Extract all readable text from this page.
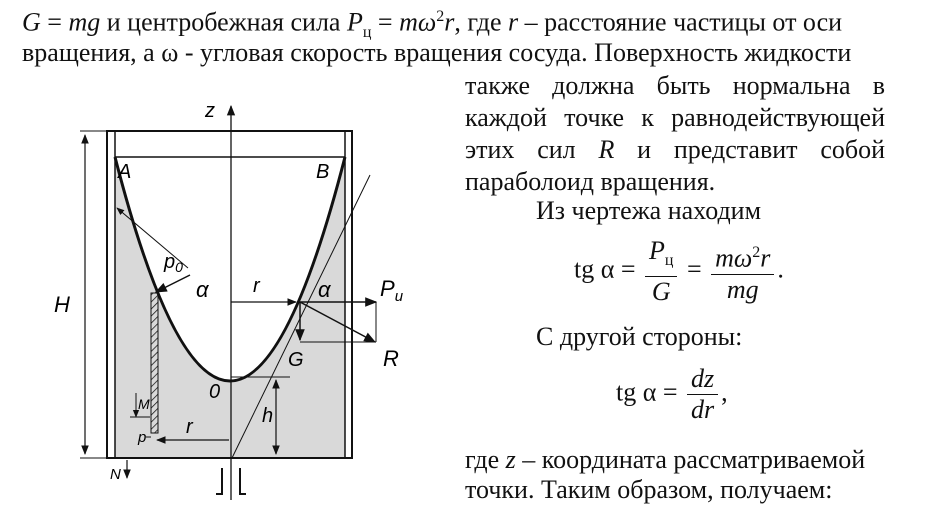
G = mg и центробежная сила $P_ц = m\omega^2r$, где r – расстояние частицы от оси
вращения, а ω - угловая скорость вращения сосуда. Поверхность жидкости
также должна быть нормальна в
каждой точке к равнодействующей
этих сил R и представит собой
параболоид вращения.
Из чертежа находим
tg $\alpha = \frac{P_ц}{G} = \frac{m\omega^2r}{mg}$ .
С другой стороны:
tg $\alpha = \frac{dz}{dr}$ ,
где z – координата рассматриваемой
точки. Таким образом, получаем:
z
A	B
H
$p_0$
α r	α $P_u$
G	R
0
M
p
h
r
N
